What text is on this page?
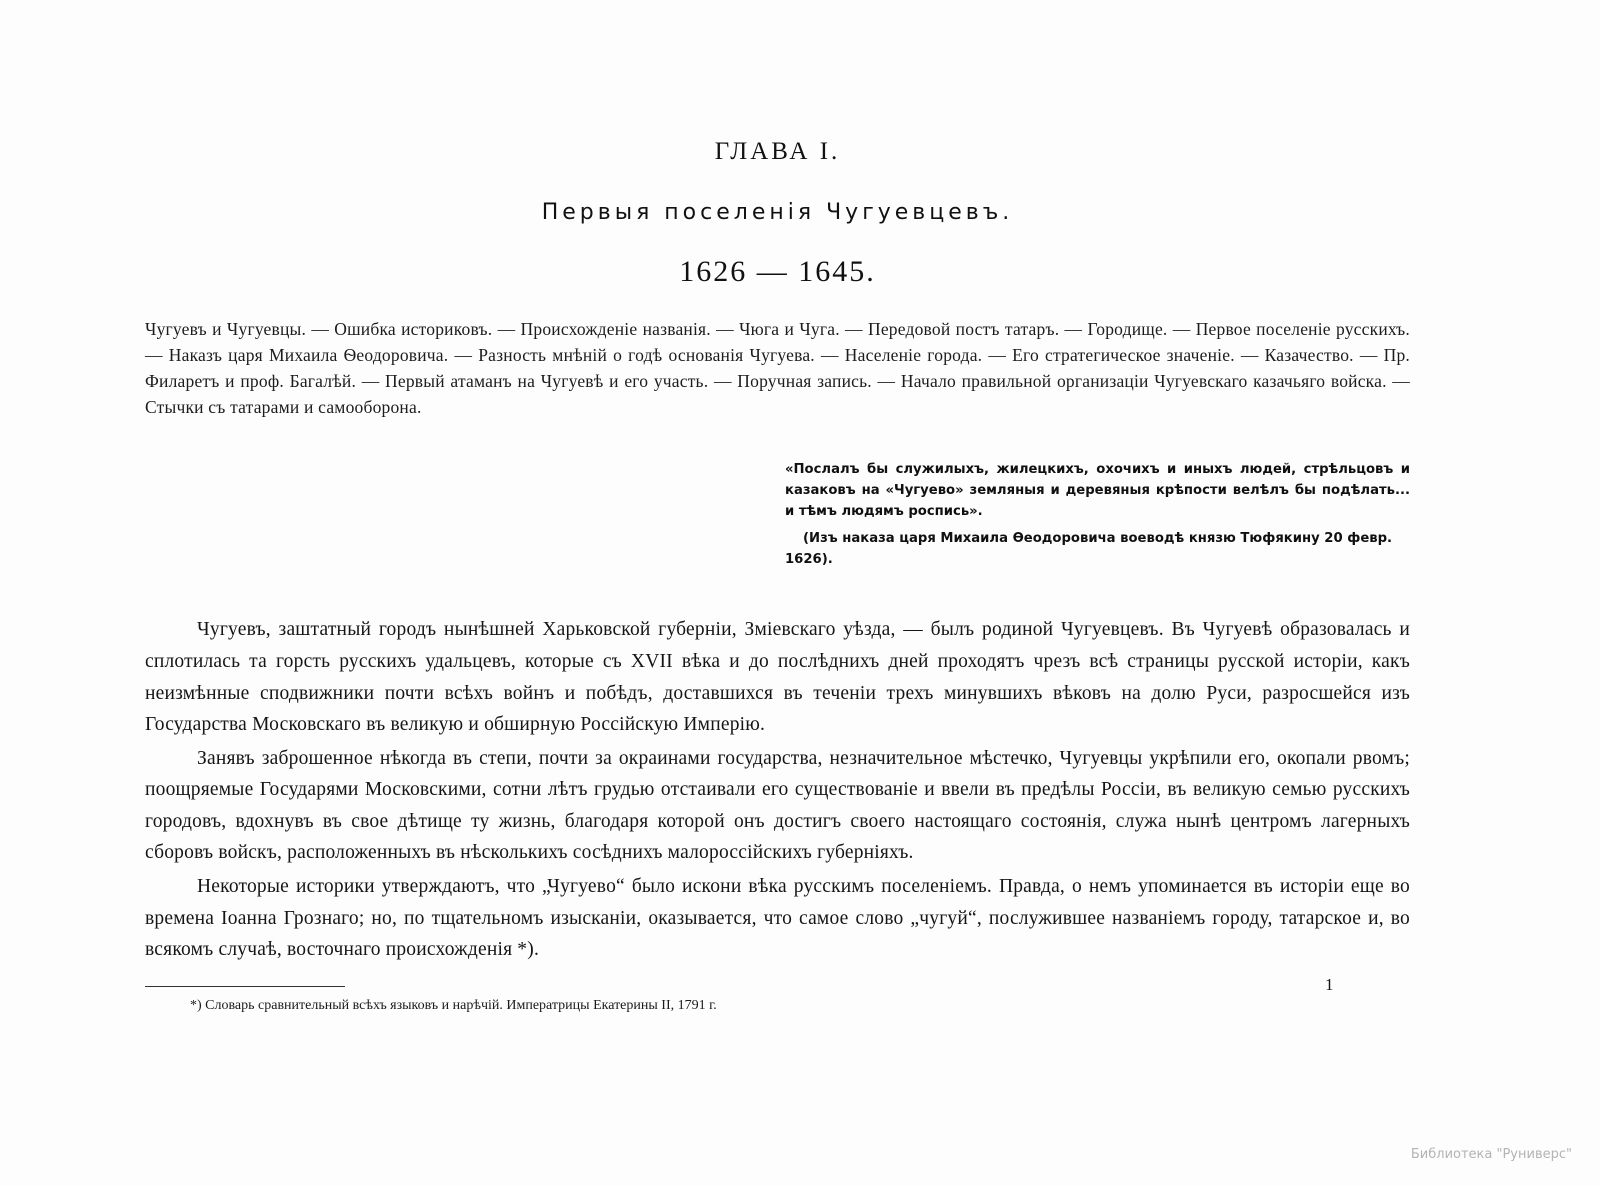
ГЛАВА I.
Первыя поселенія Чугуевцевъ.
1626 — 1645.
Чугуевъ и Чугуевцы. — Ошибка историковъ. — Происхожденіе названія. — Чюга и Чуга. — Передовой постъ татаръ. — Городище. — Первое поселеніе русскихъ. — Наказъ царя Михаила Ѳеодоровича. — Разность мнѣній о годѣ основанія Чугуева. — Населеніе города. — Его стратегическое значеніе. — Казачество. — Пр. Филаретъ и проф. Багалѣй. — Первый атаманъ на Чугуевѣ и его участь. — Поручная запись. — Начало правильной организаціи Чугуевскаго казачьяго войска. — Стычки съ татарами и самооборона.
«Послалъ бы служилыхъ, жилецкихъ, охочихъ и иныхъ людей, стрѣльцовъ и казаковъ на «Чугуево» земляныя и деревяныя крѣпости велѣлъ бы подѣлать... и тѣмъ людямъ роспись».
(Изъ наказа царя Михаила Ѳеодоровича воеводѣ князю Тюфякину 20 февр. 1626).

Чугуевъ, заштатный городъ нынѣшней Харьковской губерніи, Зміевскаго уѣзда, — былъ родиной Чугуевцевъ. Въ Чугуевѣ образовалась и сплотилась та горсть русскихъ удальцевъ, которые съ XVII вѣка и до послѣднихъ дней проходятъ чрезъ всѣ страницы русской исторіи, какъ неизмѣнные сподвижники почти всѣхъ войнъ и побѣдъ, доставшихся въ теченіи трехъ минувшихъ вѣковъ на долю Руси, разросшейся изъ Государства Московскаго въ великую и обширную Россійскую Имперію.

Занявъ заброшенное нѣкогда въ степи, почти за окраинами государства, незначительное мѣстечко, Чугуевцы укрѣпили его, окопали рвомъ; поощряемые Государями Московскими, сотни лѣтъ грудью отстаивали его существованіе и ввели въ предѣлы Россіи, въ великую семью русскихъ городовъ, вдохнувъ въ свое дѣтище ту жизнь, благодаря которой онъ достигъ своего настоящаго состоянія, служа нынѣ центромъ лагерныхъ сборовъ войскъ, расположенныхъ въ нѣсколькихъ сосѣднихъ малороссійскихъ губерніяхъ.

Некоторые историки утверждаютъ, что „Чугуево“ было искони вѣка русскимъ поселеніемъ. Правда, о немъ упоминается въ исторіи еще во времена Іоанна Грознаго; но, по тщательномъ изысканіи, оказывается, что самое слово „чугуй“, послужившее названіемъ городу, татарское и, во всякомъ случаѣ, восточнаго происхожденія *).

*) Словарь сравнительный всѣхъ языковъ и нарѣчій. Императрицы Екатерины II, 1791 г.
1
Библиотека "Руниверс"
